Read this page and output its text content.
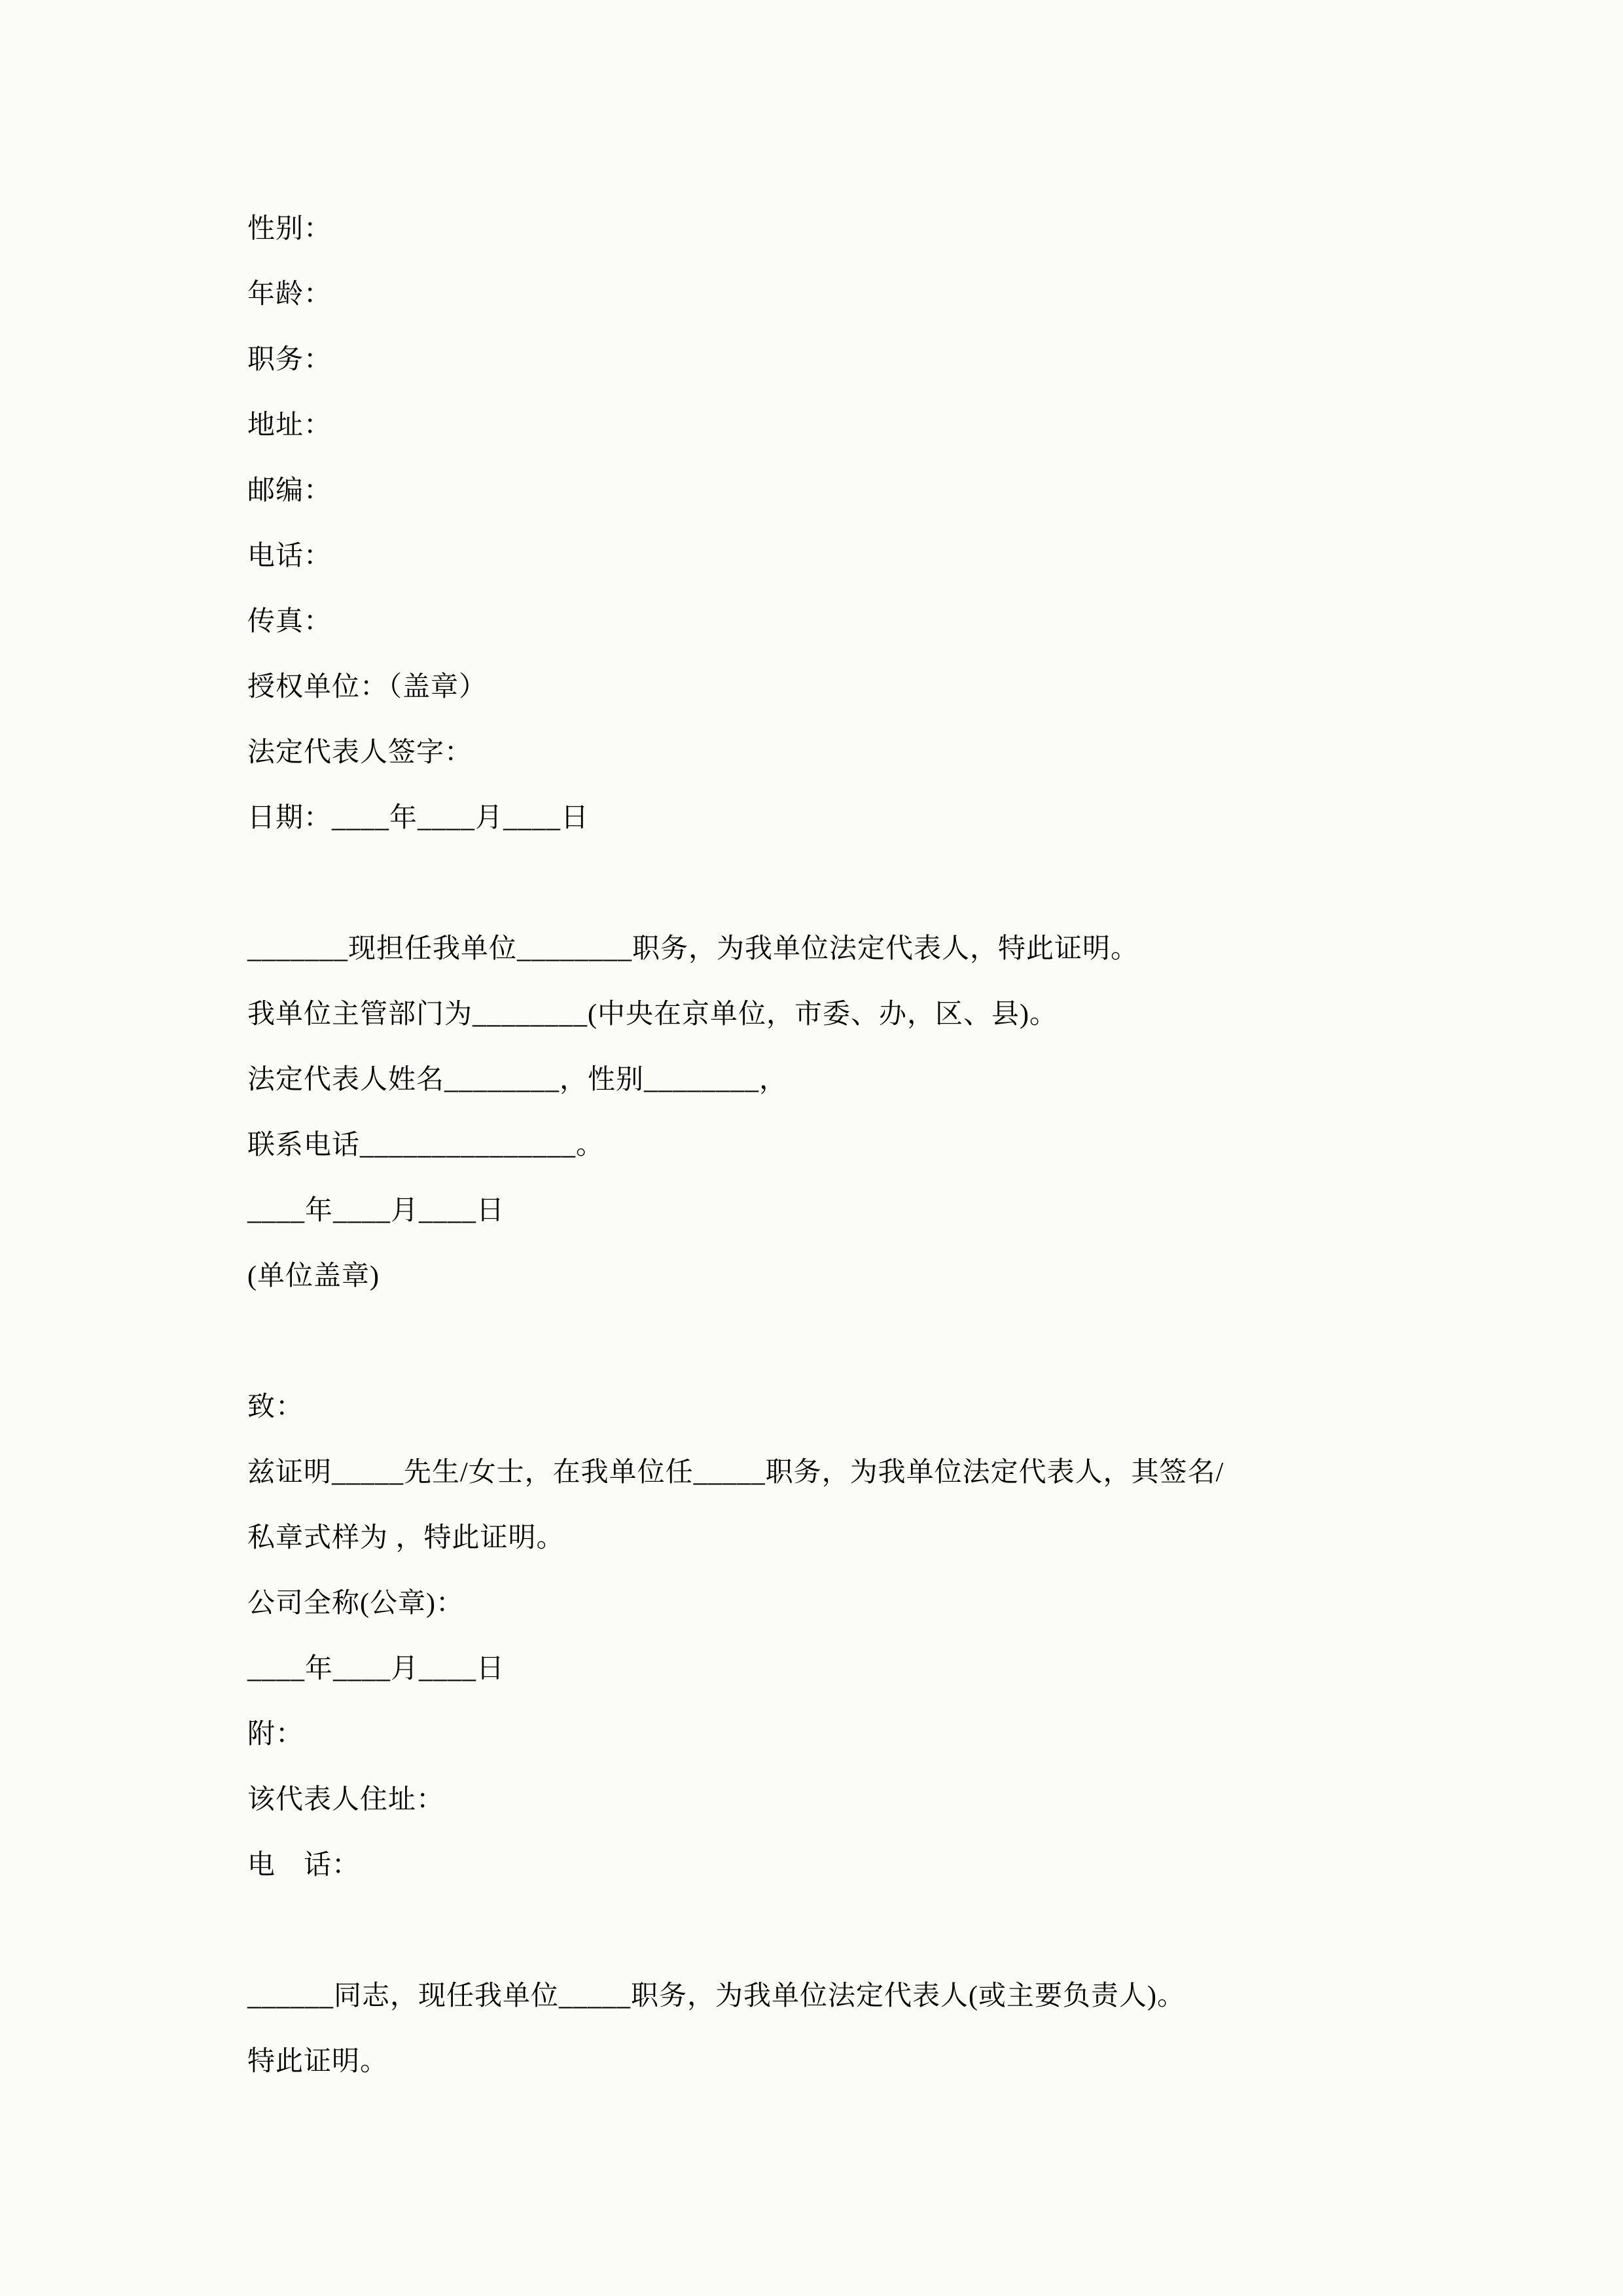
性别：

年龄：

职务：

地址：

邮编：

电话：

传真：

授权单位：（盖章）

法定代表人签字：

日期：____年____月____日

_______现担任我单位________职务，为我单位法定代表人，特此证明。

我单位主管部门为________(中央在京单位，市委、办，区、县)。

法定代表人姓名________，性别________，

联系电话_______________。

____年____月____日

(单位盖章)

致：

兹证明_____先生/女士，在我单位任_____职务，为我单位法定代表人，其签名/

私章式样为 ，特此证明。

公司全称(公章)：

____年____月____日

附：

该代表人住址：

电　话：

______同志，现任我单位_____职务，为我单位法定代表人(或主要负责人)。

特此证明。
